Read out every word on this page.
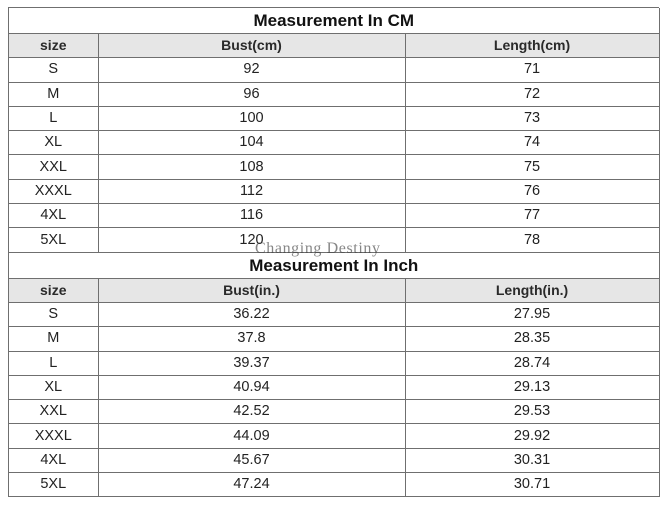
Measurement In CM		
size	Bust(cm)	Length(cm)
S	92	71
M	96	72
L	100	73
XL	104	74
XXL	108	75
XXXL	112	76
4XL	116	77
5XL	120	78
Measurement In Inch		
size	Bust(in.)	Length(in.)
S	36.22	27.95
M	37.8	28.35
L	39.37	28.74
XL	40.94	29.13
XXL	42.52	29.53
XXXL	44.09	29.92
4XL	45.67	30.31
5XL	47.24	30.71
Changing Destiny
